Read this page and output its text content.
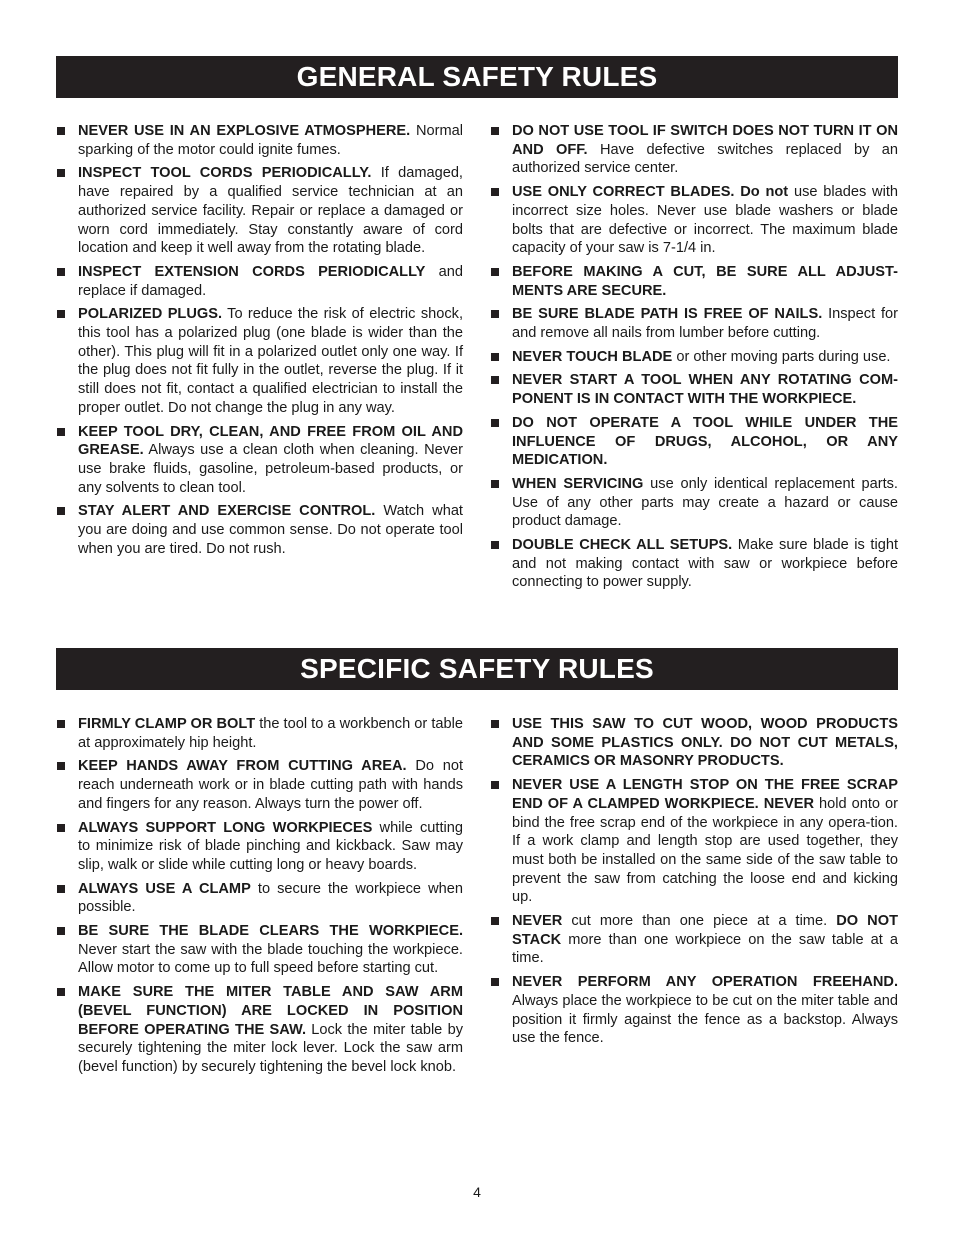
GENERAL SAFETY RULES
NEVER USE IN AN EXPLOSIVE ATMOSPHERE. Normal sparking of the motor could ignite fumes.
INSPECT TOOL CORDS PERIODICALLY. If damaged, have repaired by a qualified service technician at an authorized service facility. Repair or replace a damaged or worn cord immediately. Stay constantly aware of cord location and keep it well away from the rotating blade.
INSPECT EXTENSION CORDS PERIODICALLY and replace if damaged.
POLARIZED PLUGS. To reduce the risk of electric shock, this tool has a polarized plug (one blade is wider than the other). This plug will fit in a polarized outlet only one way. If the plug does not fit fully in the outlet, reverse the plug. If it still does not fit, contact a qualified electrician to install the proper outlet. Do not change the plug in any way.
KEEP TOOL DRY, CLEAN, AND FREE FROM OIL AND GREASE. Always use a clean cloth when cleaning. Never use brake fluids, gasoline, petroleum-based products, or any solvents to clean tool.
STAY ALERT AND EXERCISE CONTROL. Watch what you are doing and use common sense. Do not operate tool when you are tired. Do not rush.
DO NOT USE TOOL IF SWITCH DOES NOT TURN IT ON AND OFF. Have defective switches replaced by an authorized service center.
USE ONLY CORRECT BLADES. Do not use blades with incorrect size holes. Never use blade washers or blade bolts that are defective or incorrect. The maximum blade capacity of your saw is 7-1/4 in.
BEFORE MAKING A CUT, BE SURE ALL ADJUST-MENTS ARE SECURE.
BE SURE BLADE PATH IS FREE OF NAILS. Inspect for and remove all nails from lumber before cutting.
NEVER TOUCH BLADE or other moving parts during use.
NEVER START A TOOL WHEN ANY ROTATING COM-PONENT IS IN CONTACT WITH THE WORKPIECE.
DO NOT OPERATE A TOOL WHILE UNDER THE INFLUENCE OF DRUGS, ALCOHOL, OR ANY MEDICATION.
WHEN SERVICING use only identical replacement parts. Use of any other parts may create a hazard or cause product damage.
DOUBLE CHECK ALL SETUPS. Make sure blade is tight and not making contact with saw or workpiece before connecting to power supply.
SPECIFIC SAFETY RULES
FIRMLY CLAMP OR BOLT the tool to a workbench or table at approximately hip height.
KEEP HANDS AWAY FROM CUTTING AREA. Do not reach underneath work or in blade cutting path with hands and fingers for any reason. Always turn the power off.
ALWAYS SUPPORT LONG WORKPIECES while cutting to minimize risk of blade pinching and kickback. Saw may slip, walk or slide while cutting long or heavy boards.
ALWAYS USE A CLAMP to secure the workpiece when possible.
BE SURE THE BLADE CLEARS THE WORKPIECE. Never start the saw with the blade touching the workpiece. Allow motor to come up to full speed before starting cut.
MAKE SURE THE MITER TABLE AND SAW ARM (BEVEL FUNCTION) ARE LOCKED IN POSITION BEFORE OPERATING THE SAW. Lock the miter table by securely tightening the miter lock lever. Lock the saw arm (bevel function) by securely tightening the bevel lock knob.
USE THIS SAW TO CUT WOOD, WOOD PRODUCTS AND SOME PLASTICS ONLY. DO NOT CUT METALS, CERAMICS OR MASONRY PRODUCTS.
NEVER USE A LENGTH STOP ON THE FREE SCRAP END OF A CLAMPED WORKPIECE. NEVER hold onto or bind the free scrap end of the workpiece in any opera-tion. If a work clamp and length stop are used together, they must both be installed on the same side of the saw table to prevent the saw from catching the loose end and kicking up.
NEVER cut more than one piece at a time. DO NOT STACK more than one workpiece on the saw table at a time.
NEVER PERFORM ANY OPERATION FREEHAND. Always place the workpiece to be cut on the miter table and position it firmly against the fence as a backstop. Always use the fence.
4
